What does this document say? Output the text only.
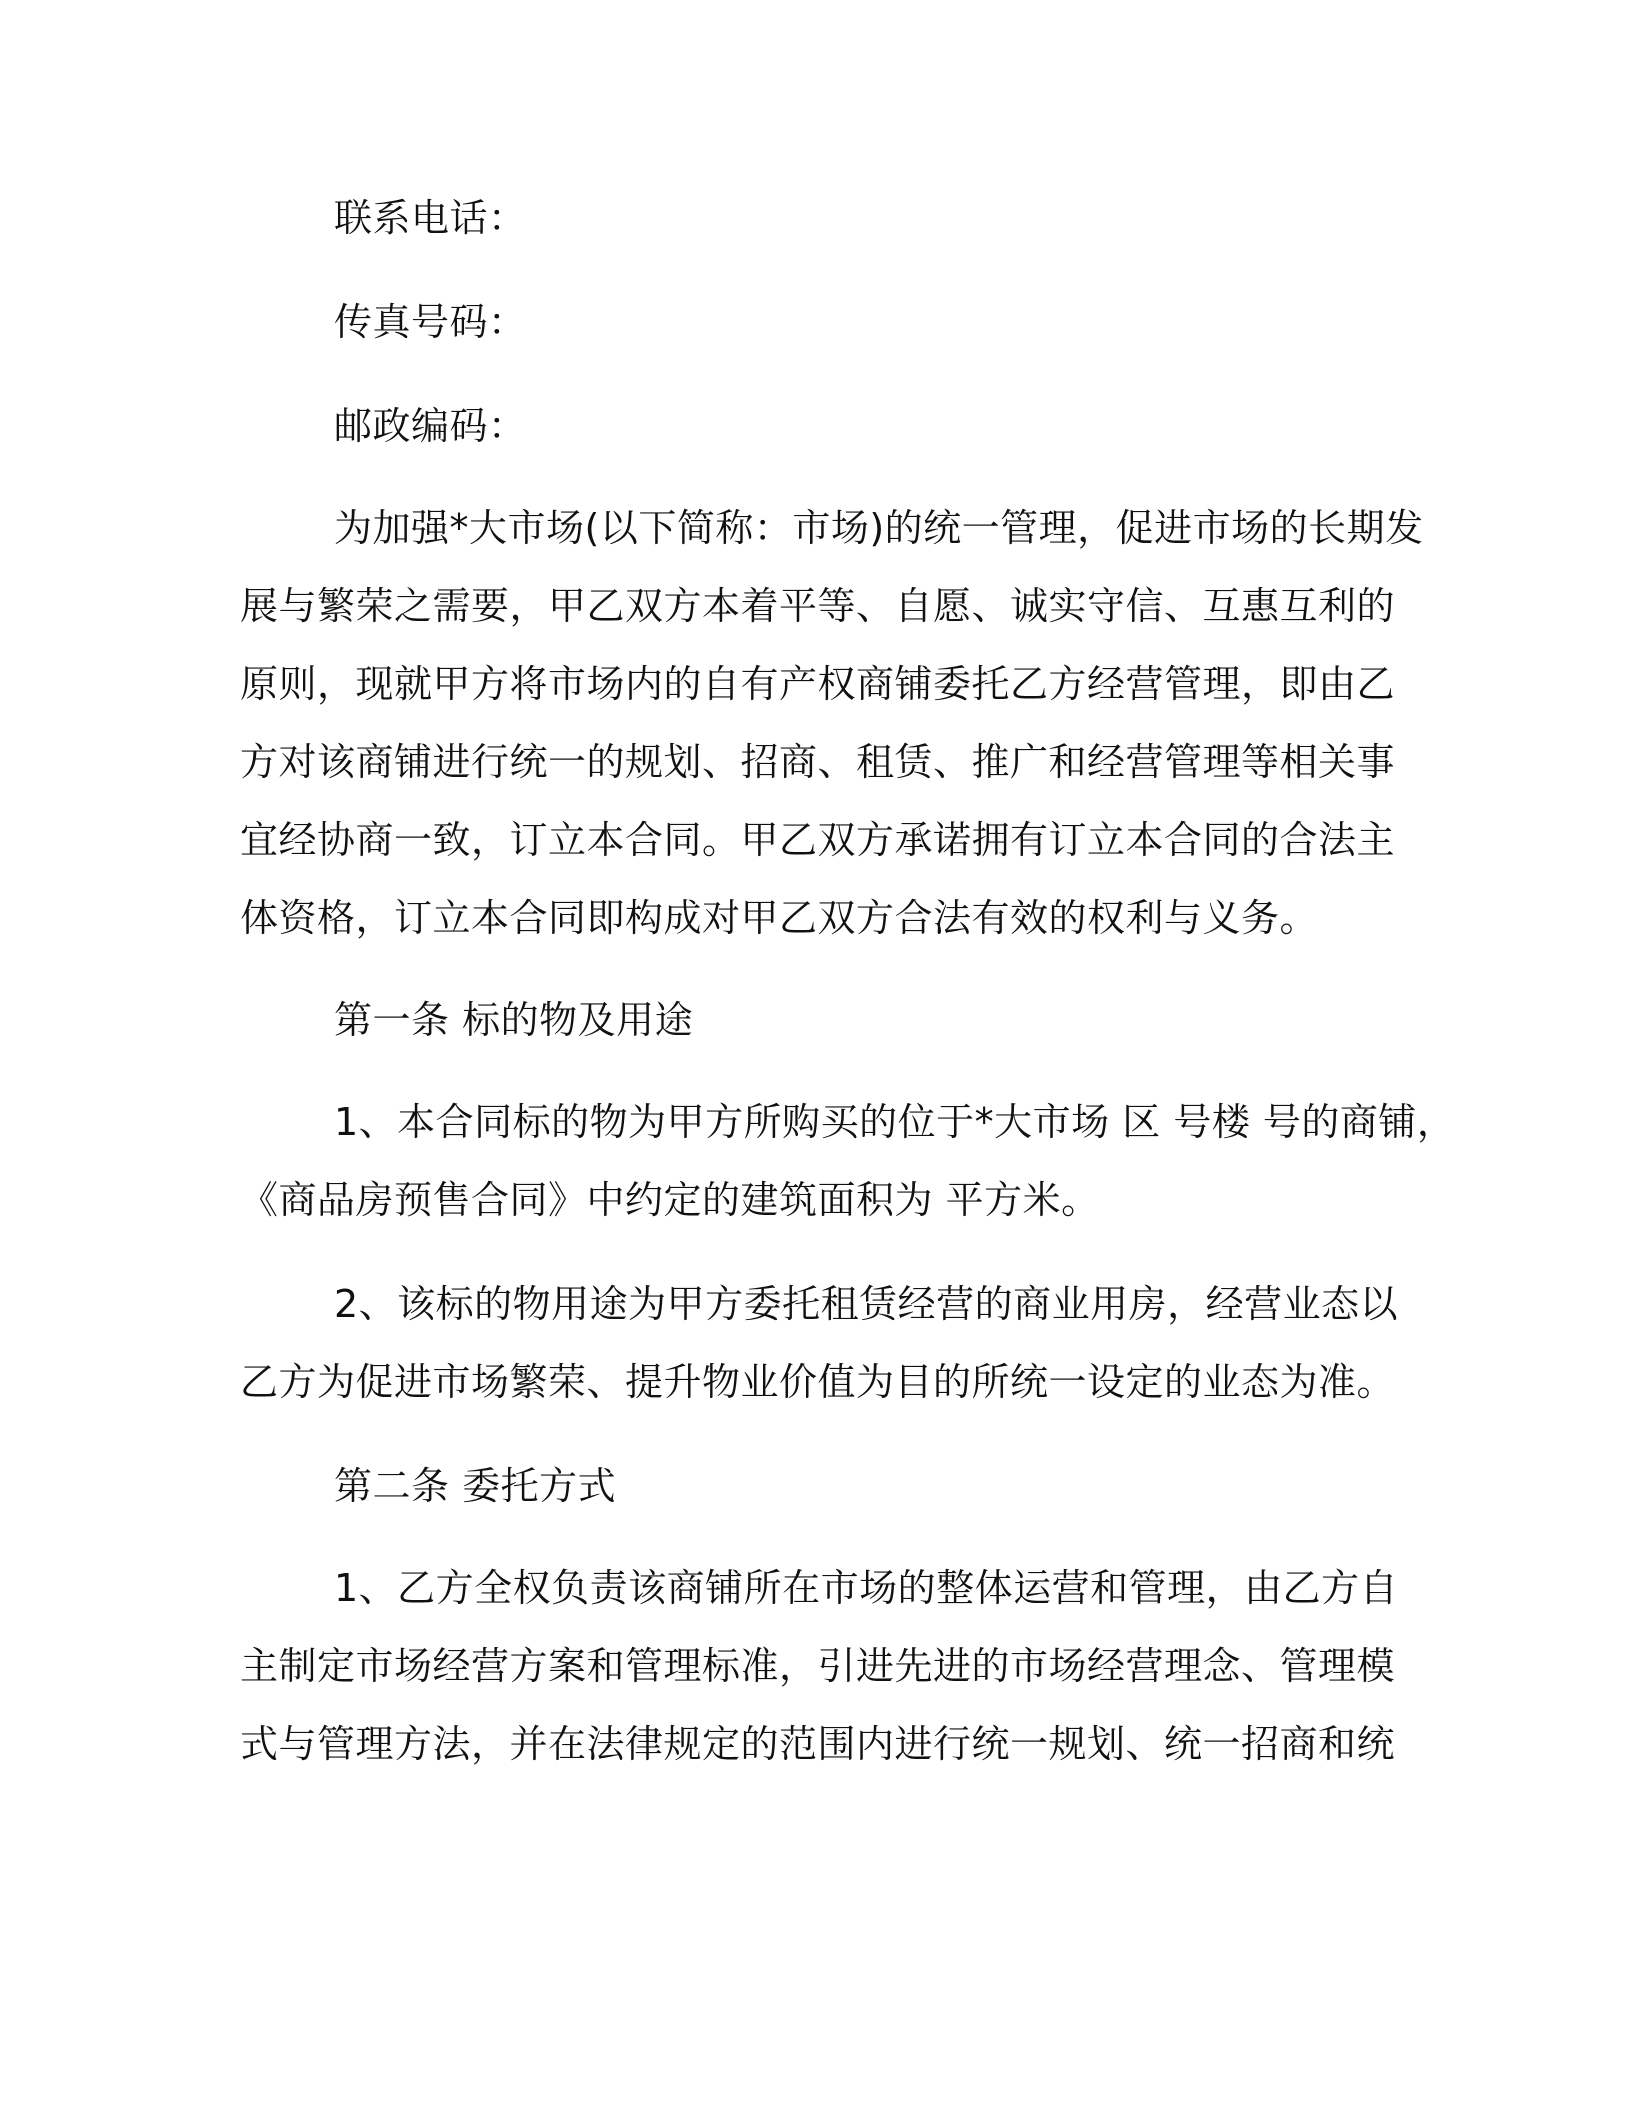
联系电话：
传真号码：
邮政编码：
为加强*大市场(以下简称：市场)的统一管理，促进市场的长期发
展与繁荣之需要，甲乙双方本着平等、自愿、诚实守信、互惠互利的
原则，现就甲方将市场内的自有产权商铺委托乙方经营管理，即由乙
方对该商铺进行统一的规划、招商、租赁、推广和经营管理等相关事
宜经协商一致，订立本合同。甲乙双方承诺拥有订立本合同的合法主
体资格，订立本合同即构成对甲乙双方合法有效的权利与义务。
第一条 标的物及用途
1、本合同标的物为甲方所购买的位于*大市场 区 号楼 号的商铺，
《商品房预售合同》中约定的建筑面积为 平方米。
2、该标的物用途为甲方委托租赁经营的商业用房，经营业态以
乙方为促进市场繁荣、提升物业价值为目的所统一设定的业态为准。
第二条 委托方式
1、乙方全权负责该商铺所在市场的整体运营和管理，由乙方自
主制定市场经营方案和管理标准，引进先进的市场经营理念、管理模
式与管理方法，并在法律规定的范围内进行统一规划、统一招商和统
